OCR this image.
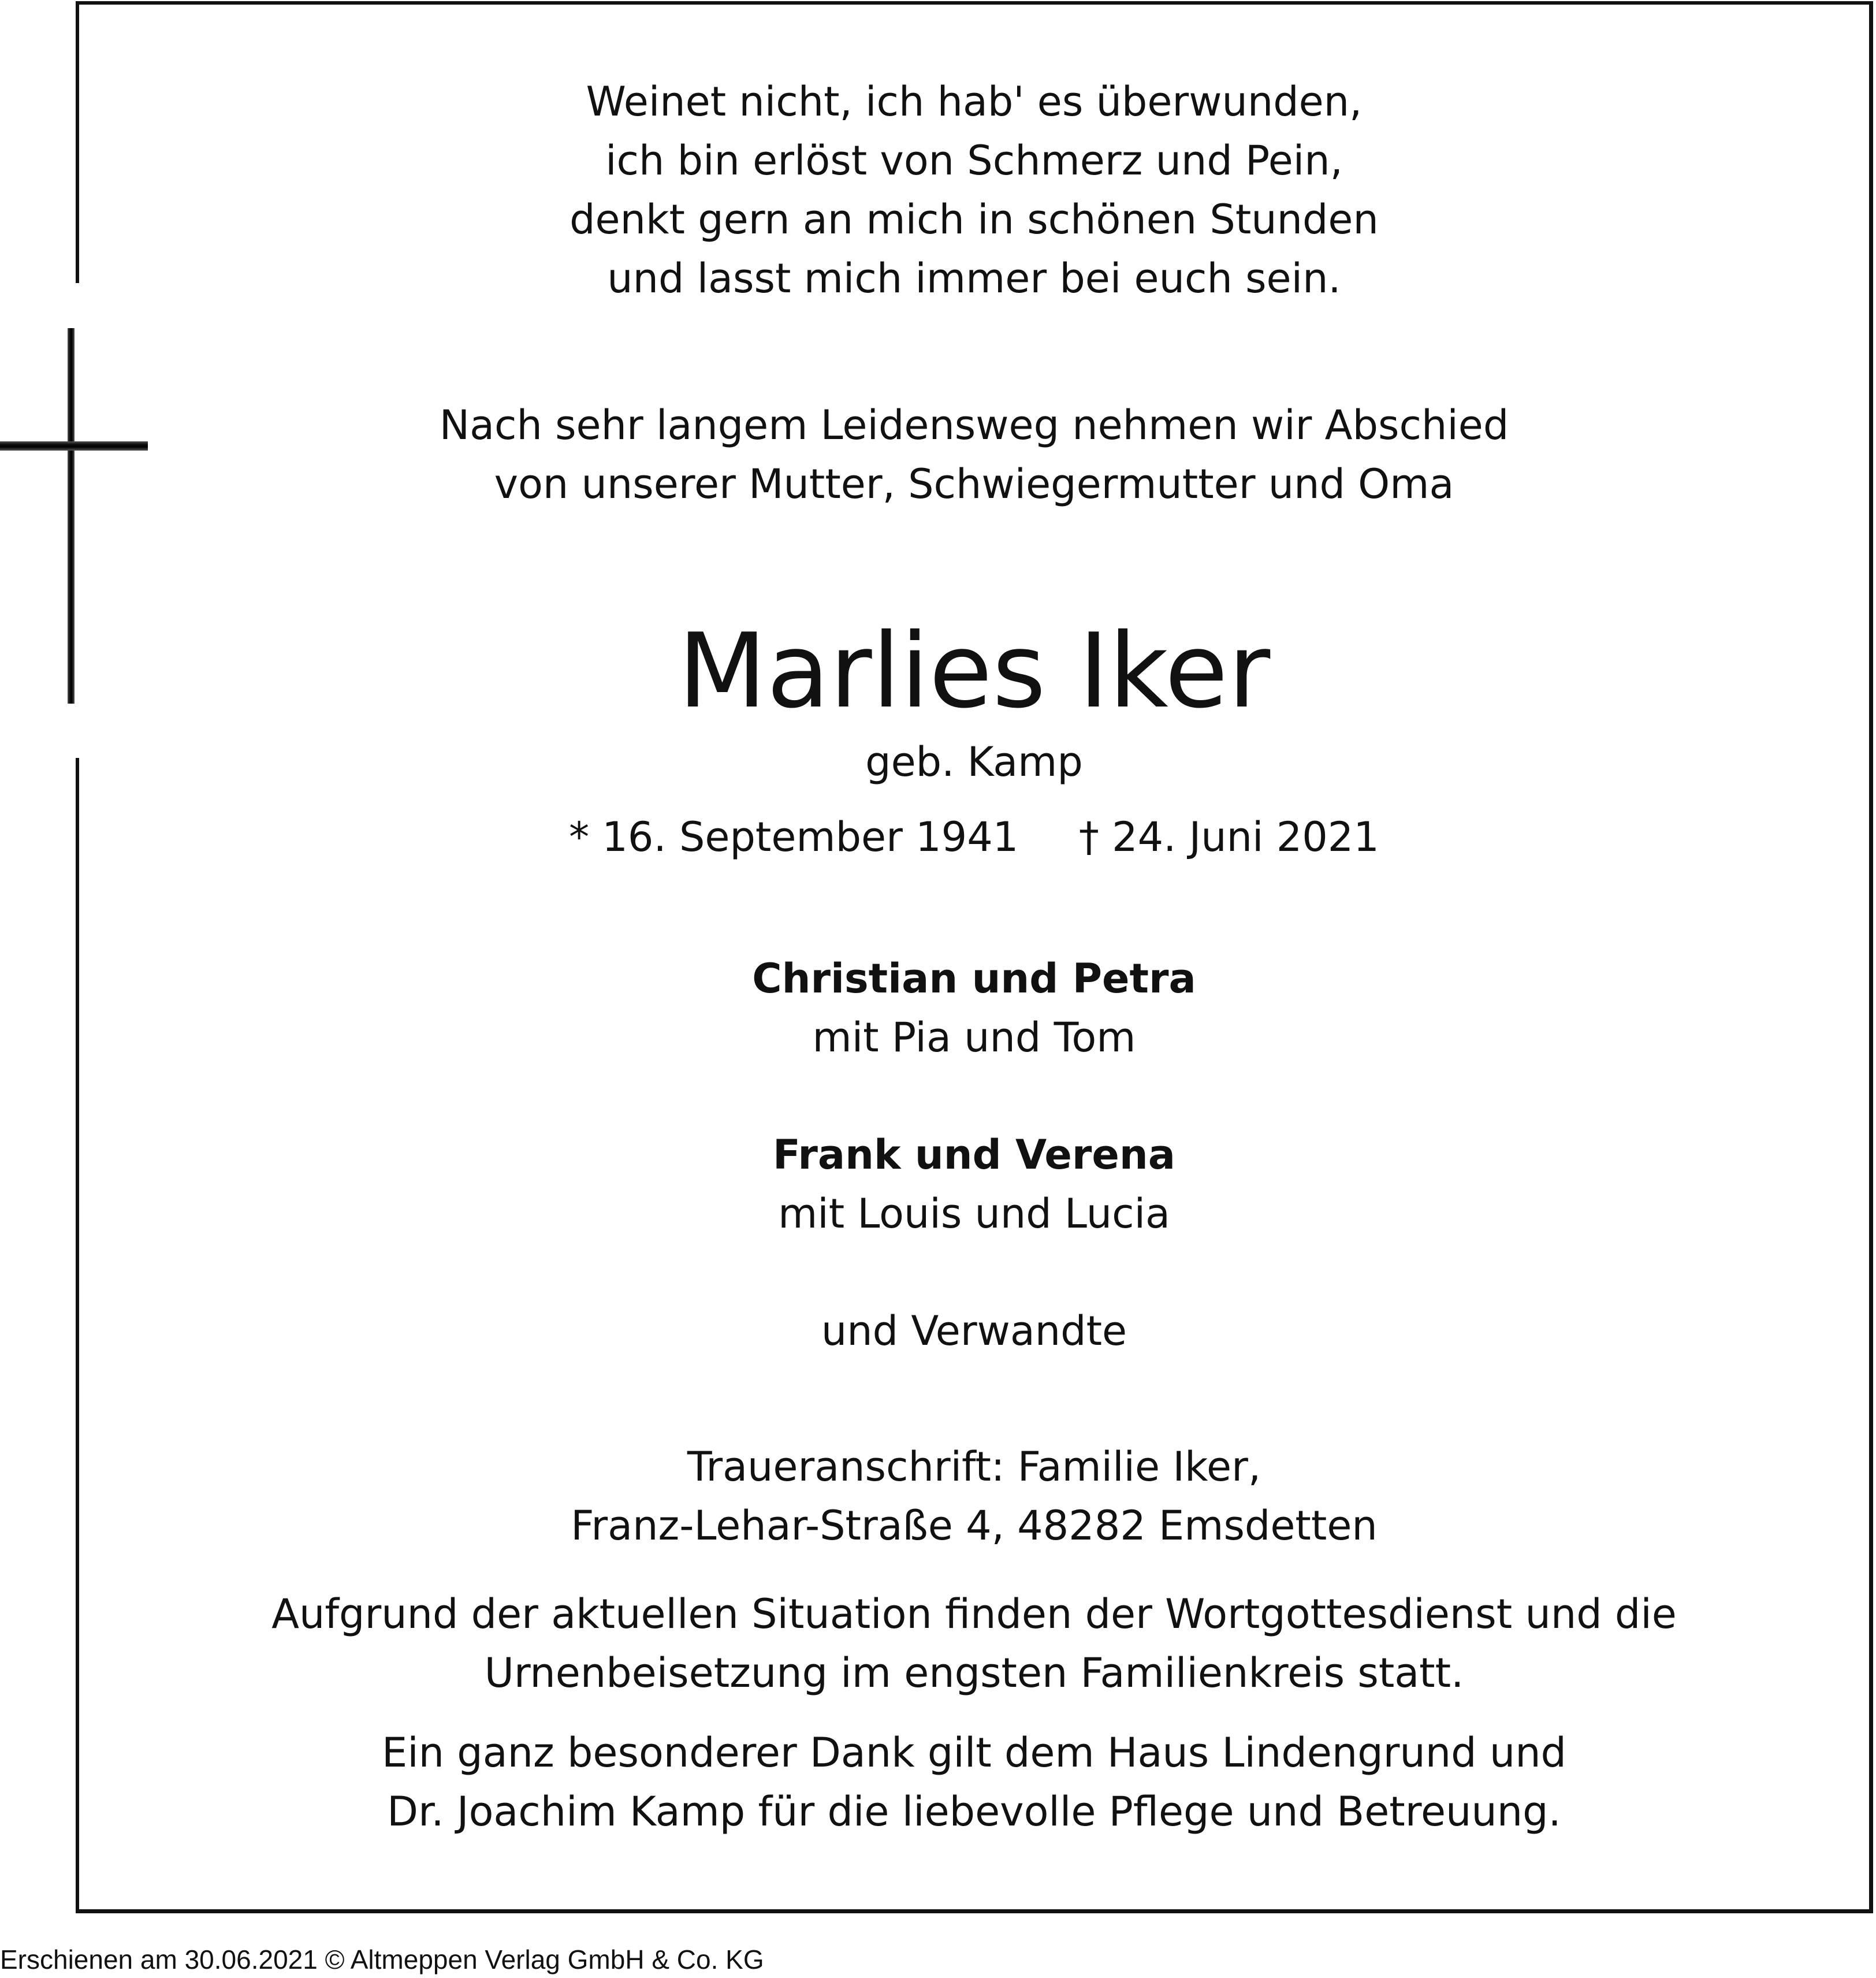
Weinet nicht, ich hab' es überwunden,
ich bin erlöst von Schmerz und Pein,
denkt gern an mich in schönen Stunden
und lasst mich immer bei euch sein.
Nach sehr langem Leidensweg nehmen wir Abschied
von unserer Mutter, Schwiegermutter und Oma
Marlies Iker
geb. Kamp
* 16. September 1941 † 24. Juni 2021
Christian und Petra
mit Pia und Tom
Frank und Verena
mit Louis und Lucia
und Verwandte
Traueranschrift: Familie Iker,
Franz-Lehar-Straße 4, 48282 Emsdetten
Aufgrund der aktuellen Situation finden der Wortgottesdienst und die
Urnenbeisetzung im engsten Familienkreis statt.
Ein ganz besonderer Dank gilt dem Haus Lindengrund und
Dr. Joachim Kamp für die liebevolle Pflege und Betreuung.
Erschienen am 30.06.2021 © Altmeppen Verlag GmbH & Co. KG
